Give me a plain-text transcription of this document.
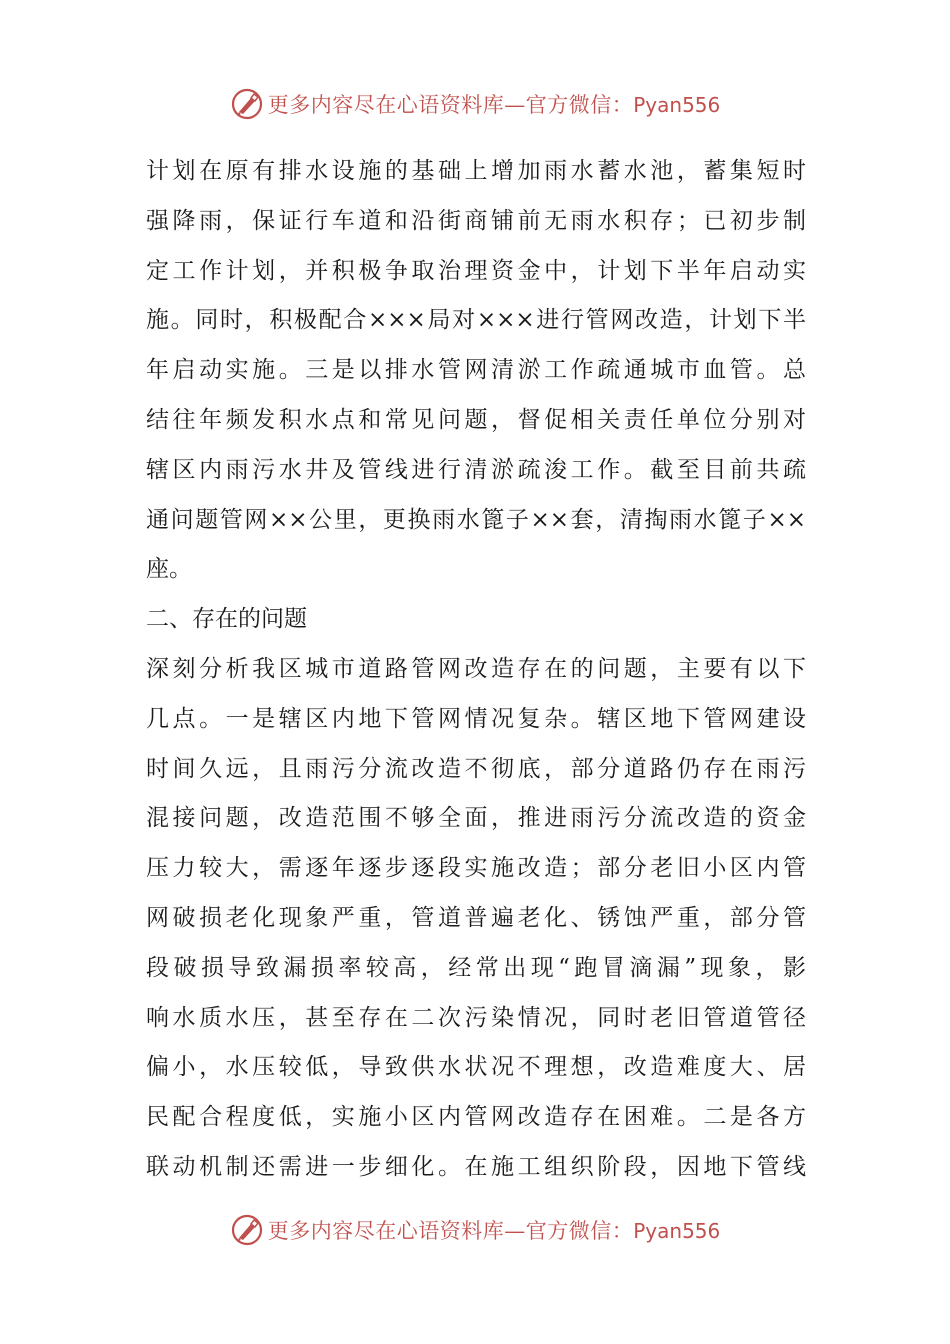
更多内容尽在心语资料库—官方微信：Pyan556
计划在原有排水设施的基础上增加雨水蓄水池，蓄集短时
强降雨，保证行车道和沿街商铺前无雨水积存；已初步制
定工作计划，并积极争取治理资金中，计划下半年启动实
施。同时，积极配合×××局对×××进行管网改造，计划下半
年启动实施。三是以排水管网清淤工作疏通城市血管。总
结往年频发积水点和常见问题，督促相关责任单位分别对
辖区内雨污水井及管线进行清淤疏浚工作。截至目前共疏
通问题管网××公里，更换雨水篦子××套，清掏雨水篦子××
座。
二、存在的问题
深刻分析我区城市道路管网改造存在的问题，主要有以下
几点。一是辖区内地下管网情况复杂。辖区地下管网建设
时间久远，且雨污分流改造不彻底，部分道路仍存在雨污
混接问题，改造范围不够全面，推进雨污分流改造的资金
压力较大，需逐年逐步逐段实施改造；部分老旧小区内管
网破损老化现象严重，管道普遍老化、锈蚀严重，部分管
段破损导致漏损率较高，经常出现“跑冒滴漏”现象，影
响水质水压，甚至存在二次污染情况，同时老旧管道管径
偏小，水压较低，导致供水状况不理想，改造难度大、居
民配合程度低，实施小区内管网改造存在困难。二是各方
联动机制还需进一步细化。在施工组织阶段，因地下管线
更多内容尽在心语资料库—官方微信：Pyan556
